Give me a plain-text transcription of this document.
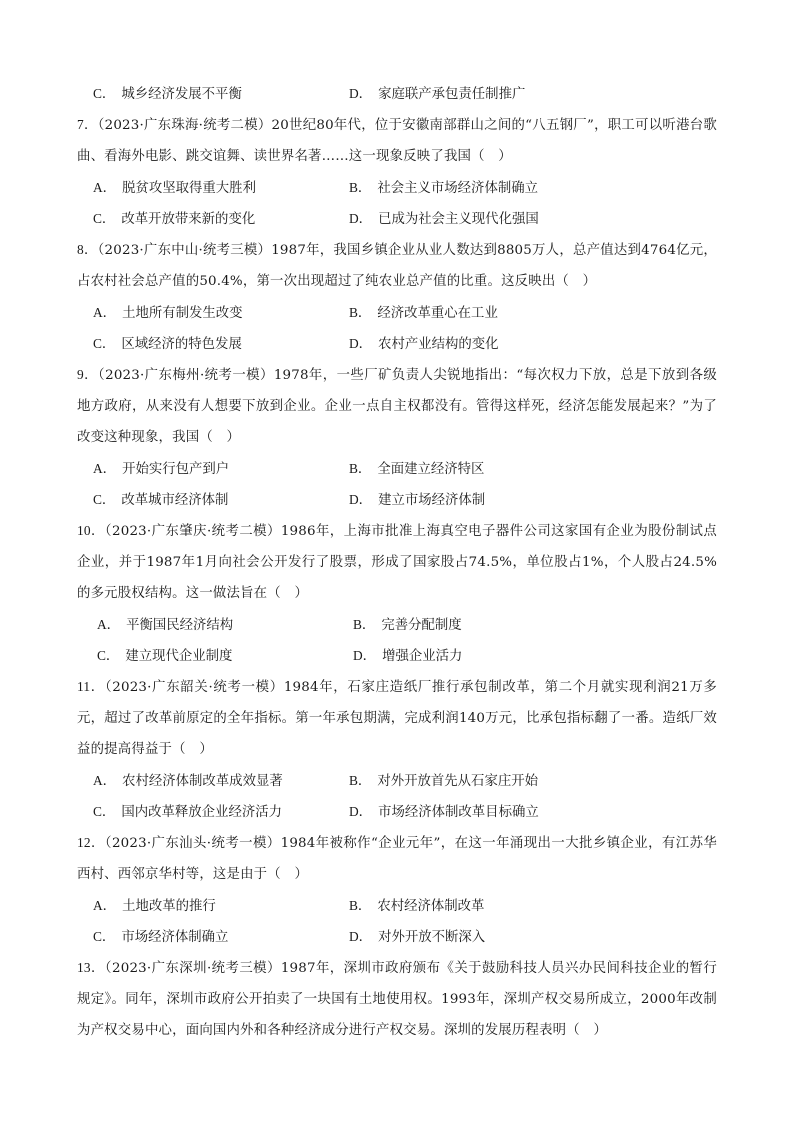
C． 城乡经济发展不平衡	D． 家庭联产承包责任制推广

7．（2023·广东珠海·统考二模）20世纪80年代，位于安徽南部群山之间的“八五钢厂”，职工可以听港台歌曲、看海外电影、跳交谊舞、读世界名著……这一现象反映了我国（　）

A． 脱贫攻坚取得重大胜利	B． 社会主义市场经济体制确立
C． 改革开放带来新的变化	D． 已成为社会主义现代化强国

8．（2023·广东中山·统考三模）1987年，我国乡镇企业从业人数达到8805万人，总产值达到4764亿元，占农村社会总产值的50.4%，第一次出现超过了纯农业总产值的比重。这反映出（　）

A． 土地所有制发生改变	B． 经济改革重心在工业
C． 区域经济的特色发展	D． 农村产业结构的变化

9．（2023·广东梅州·统考一模）1978年，一些厂矿负责人尖锐地指出：“每次权力下放，总是下放到各级地方政府，从来没有人想要下放到企业。企业一点自主权都没有。管得这样死，经济怎能发展起来？”为了改变这种现象，我国（　）

A． 开始实行包产到户	B． 全面建立经济特区
C． 改革城市经济体制	D． 建立市场经济体制

10．（2023·广东肇庆·统考二模）1986年，上海市批准上海真空电子器件公司这家国有企业为股份制试点企业，并于1987年1月向社会公开发行了股票，形成了国家股占74.5%，单位股占1%，个人股占24.5%的多元股权结构。这一做法旨在（　）

A． 平衡国民经济结构	B． 完善分配制度
C． 建立现代企业制度	D． 增强企业活力

11．（2023·广东韶关·统考一模）1984年，石家庄造纸厂推行承包制改革，第二个月就实现利润21万多元，超过了改革前原定的全年指标。第一年承包期满，完成利润140万元，比承包指标翻了一番。造纸厂效益的提高得益于（　）

A． 农村经济体制改革成效显著	B． 对外开放首先从石家庄开始
C． 国内改革释放企业经济活力	D． 市场经济体制改革目标确立

12．（2023·广东汕头·统考一模）1984年被称作“企业元年”，在这一年涌现出一大批乡镇企业，有江苏华西村、西邻京华村等，这是由于（　）

A． 土地改革的推行	B． 农村经济体制改革
C． 市场经济体制确立	D． 对外开放不断深入

13．（2023·广东深圳·统考三模）1987年，深圳市政府颁布《关于鼓励科技人员兴办民间科技企业的暂行规定》。同年，深圳市政府公开拍卖了一块国有土地使用权。1993年，深圳产权交易所成立，2000年改制为产权交易中心，面向国内外和各种经济成分进行产权交易。深圳的发展历程表明（　）
